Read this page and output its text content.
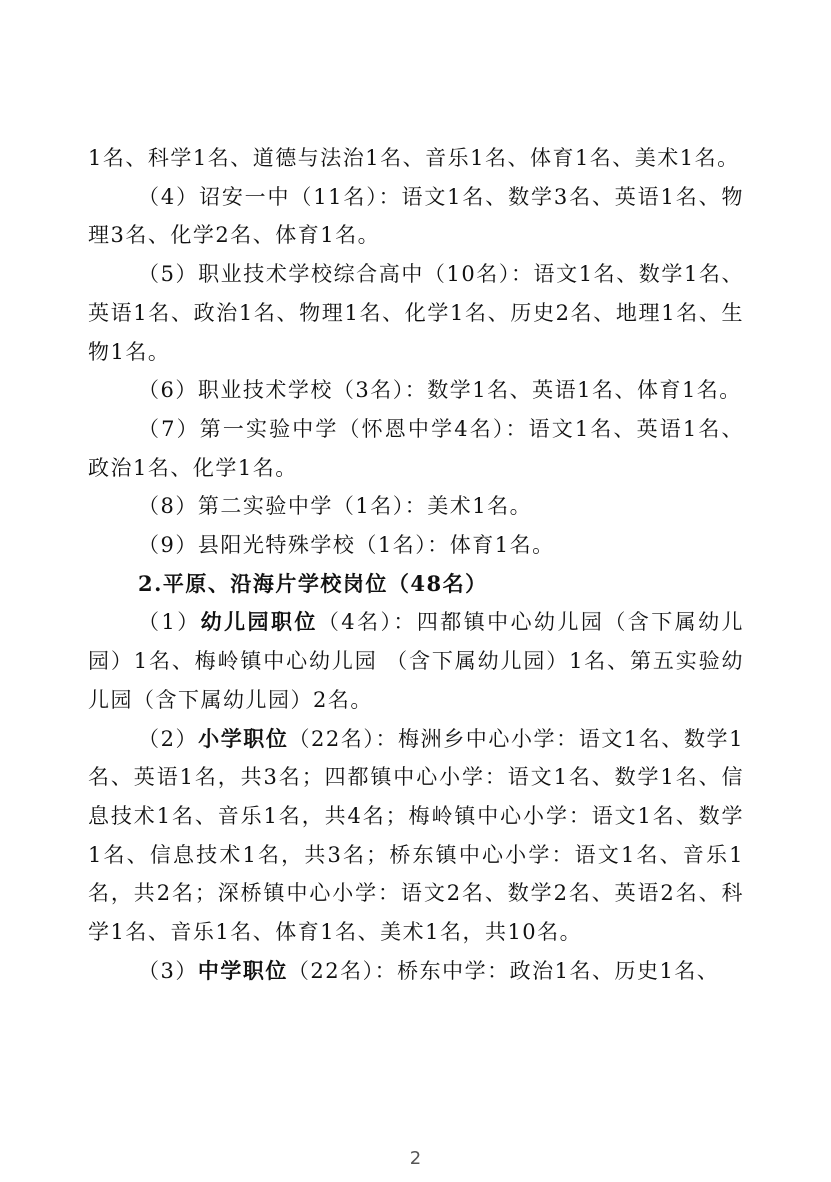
1名、科学1名、道德与法治1名、音乐1名、体育1名、美术1名。

（4）诏安一中（11名）：语文1名、数学3名、英语1名、物理3名、化学2名、体育1名。

（5）职业技术学校综合高中（10名）：语文1名、数学1名、英语1名、政治1名、物理1名、化学1名、历史2名、地理1名、生物1名。

（6）职业技术学校（3名）：数学1名、英语1名、体育1名。

（7）第一实验中学（怀恩中学4名）：语文1名、英语1名、政治1名、化学1名。

（8）第二实验中学（1名）：美术1名。

（9）县阳光特殊学校（1名）：体育1名。

2.平原、沿海片学校岗位（48名）

（1）幼儿园职位（4名）：四都镇中心幼儿园（含下属幼儿园）1名、梅岭镇中心幼儿园 （含下属幼儿园）1名、第五实验幼儿园（含下属幼儿园）2名。

（2）小学职位（22名）：梅洲乡中心小学：语文1名、数学1名、英语1名，共3名；四都镇中心小学：语文1名、数学1名、信息技术1名、音乐1名，共4名；梅岭镇中心小学：语文1名、数学1名、信息技术1名，共3名；桥东镇中心小学：语文1名、音乐1名，共2名；深桥镇中心小学：语文2名、数学2名、英语2名、科学1名、音乐1名、体育1名、美术1名，共10名。

（3）中学职位（22名）：桥东中学：政治1名、历史1名、

2
